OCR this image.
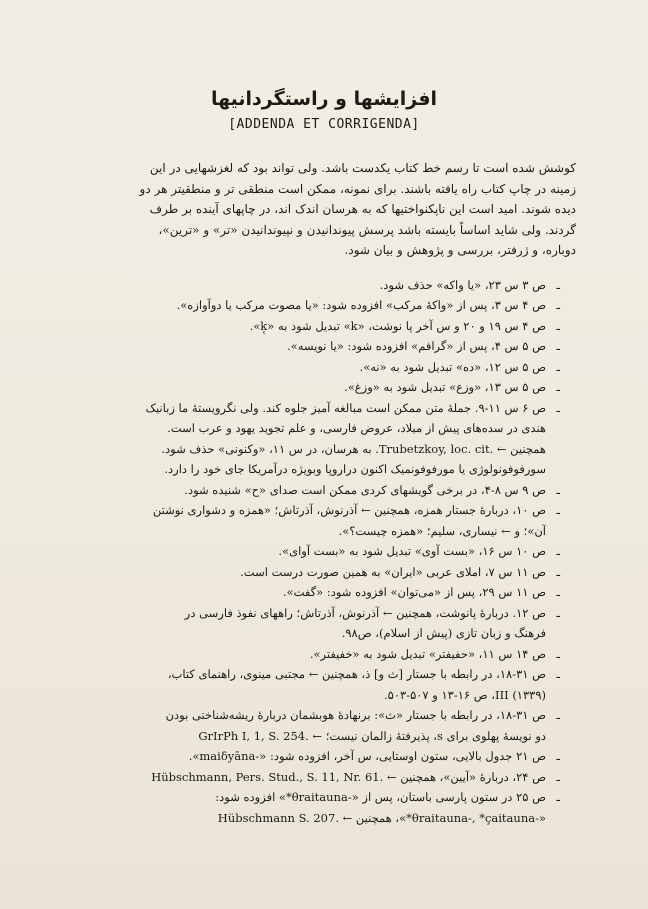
افزایشها و راستگردانیها
[ADDENDA ET CORRIGENDA]
کوشش شده است تا رسم خط کتاب یکدست باشد. ولی تواند بود که لغزشهایی در این
زمینه در چاپ کتاب راه یافته باشند. برای نمونه، ممکن است منطقی تر و منطقیتر هر دو
دیده شوند. امید است این ناپکنواختیها که به هرسان اندک اند، در چاپهای آینده بر طرف
گردند. ولی شاید اساساً بایسته باشد پرسش پیوندانیدن و نپیوندانیدن «تر» و «ترین»،
دوباره، و ژرفتر، بررسی و پژوهش و بیان شود.
ـ
ص ۳ س ۲۳، «یا واکه» حذف شود.
ـ
ص ۴ س ۳، پس از «واکهٔ مرکب» افزوده شود: «یا مصوت مرکب یا دوآوازه».
ـ
ص ۴ س ۱۹ و ۲۰ و س آخر پا نوشت، «k» تبدیل شود به «k̜».
ـ
ص ۵ س ۴، پس از «گرافم» افزوده شود: «یا نویسه».
ـ
ص ۵ س ۱۲، «ده» تبدیل شود به «نه».
ـ
ص ۵ س ۱۳، «وزع» تبدیل شود به «وزغ».
ـ
ص ۶ س ۱۱-۹. جملهٔ متن ممکن است مبالغه آمیز جلوه کند. ولی نگرویستهٔ ما زبانیک
هندی در سده‌های پیش از میلاد، عروض فارسی، و علم تجوید یهود و عرب است.
همچنین ← .Trubetzkoy, loc. cit. به هرسان، در س ۱۱، «وکنونی» حذف شود.
سورفوفونولوژی یا مورفوفونمیک اکنون دراروپا وبویژه درآمریکا جای خود را دارد.
ـ
ص ۹ س ۸-۴، در برخی گویشهای کردی ممکن است صدای «ح» شنیده شود.
ـ
ص ۱۰، دربارهٔ جستار همزه، همچنین ← آذرنوش، آذرتاش؛ «همزه و دشواری نوشتن
آن»؛ و ← نیساری، سلیم؛ «همزه چیست؟».
ـ
ص ۱۰ س ۱۶، «بست آوی» تبدیل شود به «بست آوای».
ـ
ص ۱۱ س ۷، املای عربی «ایران» به همین صورت درست است.
ـ
ص ۱۱ س ۲۹، پس از «می‌توان» افزوده شود: «گفت».
ـ
ص ۱۲. دربارهٔ پانوشت، همچنین ← آذرنوش، آذرتاش؛ راههای نفوذ فارسی در
فرهنگ و زبان تازی (پیش از اسلام)، ص۹۸.
ـ
ص ۱۴ س ۱۱، «حفیفتر» تبدیل شود به «خفیفتر».
ـ
ص ۳۱-۱۸، در رابطه با جستار [ث و] ذ، همچنین ← مجتبی مینوی، راهنمای کتاب،
III (۱۳۳۹)، ص ۱۶-۱۳ و ۵۰۷-۵۰۳.
ـ
ص ۳۱-۱۸، در رابطه با جستار «ث»: برنهادهٔ هوبشمان دربارهٔ ریشه‌شناختی بودن
دو نویسهٔ پهلوی برای s، پذیرفتهٔ زالمان نیست؛ ← .GrIrPh I, 1, S. 254
ـ
ص ۲۱ جدول بالایی، ستون اوستایی، س آخر، افزوده شود: «-maiδyāna».
ـ
ص ۲۴، دربارهٔ «آیین»، همچنین ← .Hübschmann, Pers. Stud., S. 11, Nr. 61
ـ
ص ۲۵ در ستون پارسی باستان، پس از «-θraitauna*» افزوده شود:
«-θraitauna-, *çaitauna*»، همچنین ← .Hübschmann S. 207
